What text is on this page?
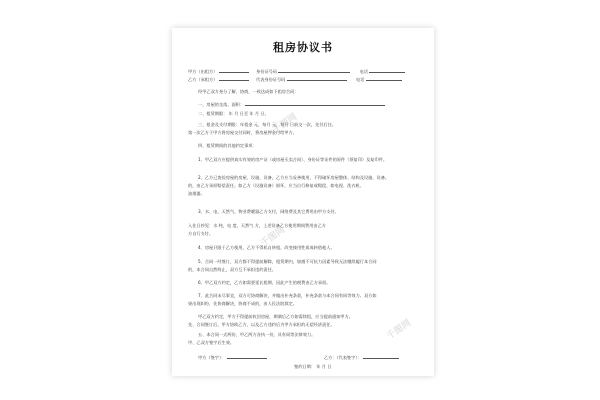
租房协议书
甲方（出租方）	身份证号码	电话
乙方（承租方）	代表身份证号码	电话
经甲乙双方充分了解、协商，一致达成如下租房合同：
一、房屋的坐落、面积：
二、租赁期限： 年 月 日至 年 月 日。
三、租金及支付期限：年租金 元，每月 元，每月 日前交一次，先付后住。
第一次乙方于甲方将房屋交付同时，将房屋押金付给甲方。
四、租赁期间的其他约定事项：
1、甲乙双方应提供真实有效的房产证（或房屋买卖合同）、身份证等证件的原件（须复印）及复印件。
2、乙方已查验房屋的房屋、设施、设备，乙方应当妥善使用，不得破坏房屋整体、结构及设施、设备。
的，由乙方承担赔偿责任。如乙方（设施设备）损坏，应当自行修复或赔偿，如电视、洗衣机、
油烟器。
3、水、电、天然气、物业费暖器乙方支付，网络费及其它费用由甲方支付。
入住日抄见：水 吨，电 度，天然气 方，上述设备乙方使用期间费用由乙方
方自行支付。
4、房屋只限于乙方使用，乙方不得私自转租，改变使用性质或转借他人。
5、合同一经签订，双方都不得提前解除，租赁期内，如遇不可抗力因素导致无法继续履行本合同
的，本合同自然终止，双方互不承担违约责任。
6、甲乙双方约定，乙方如需要延长租期，因此产生的税费由乙方承担。
7、此合同未尽事宜，双方可协商解决，并做出补充条款，补充条款与本合同有同等效力。双方如
果出现纠纷，先协商解决，协商不成的，由人民法院裁定。
甲乙双方约定，甲方不得提前收回房屋，期满后乙方如需续租，应当提前通知甲方。
先、合同签订后，甲方协助乙方，以及乙方违约后为甲方承担的无偿经济责任。
五、本合同一式两份，甲乙两方各执一份，具有同等法律效力。
甲、乙双方签字后生效。
甲方（签字）：	乙方：（代表签字）：
签约日期： 年 月 日
千图网
千图网
千图网
